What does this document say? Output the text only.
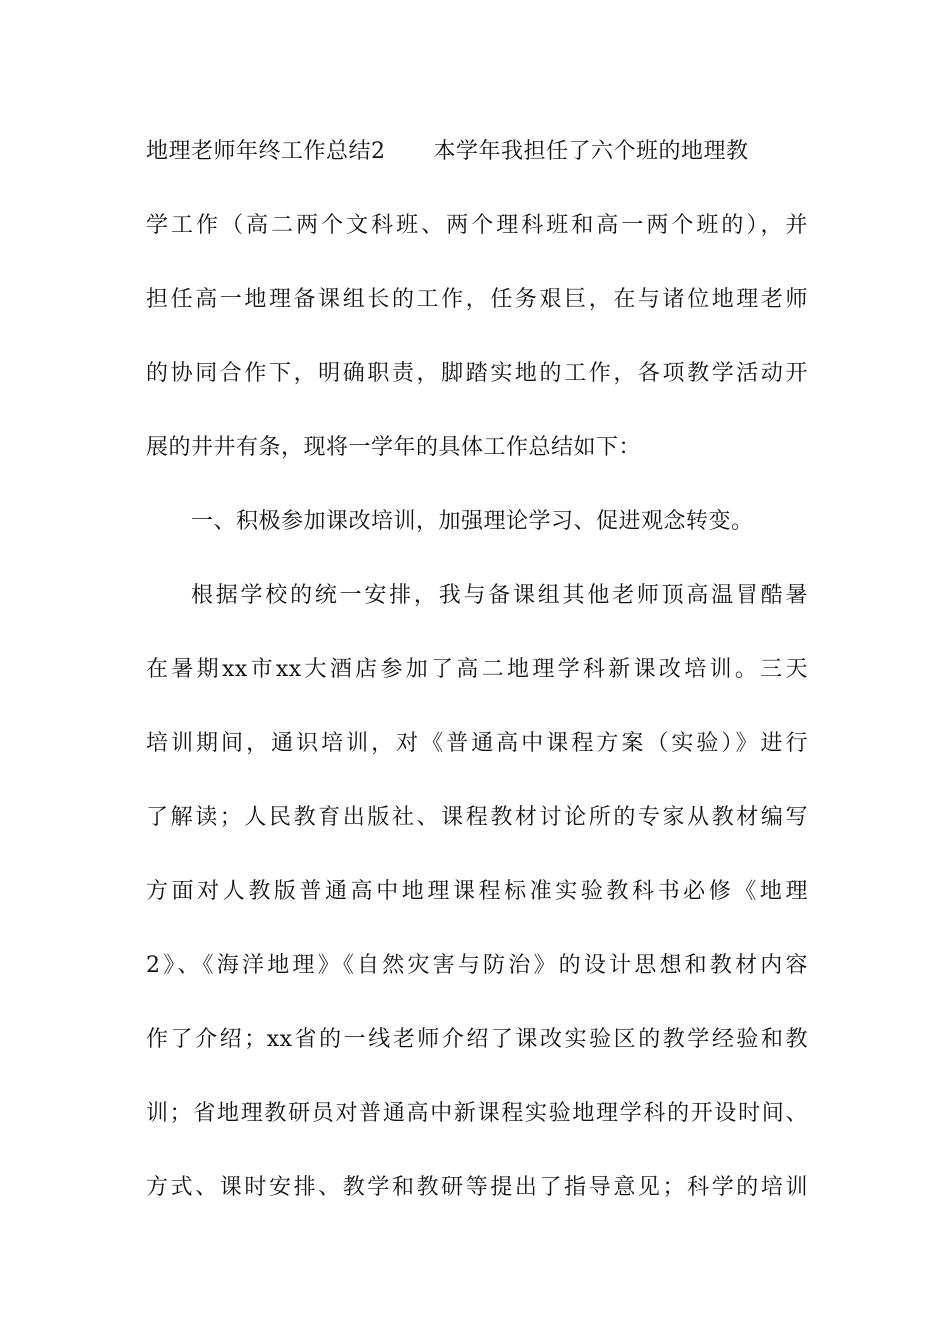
地理老师年终工作总结2 本学年我担任了六个班的地理教
学工作（高二两个文科班、两个理科班和高一两个班的），并
担任高一地理备课组长的工作，任务艰巨，在与诸位地理老师
的协同合作下，明确职责，脚踏实地的工作，各项教学活动开
展的井井有条，现将一学年的具体工作总结如下：
一、积极参加课改培训，加强理论学习、促进观念转变。
根据学校的统一安排，我与备课组其他老师顶高温冒酷暑
在暑期xx市xx大酒店参加了高二地理学科新课改培训。三天
培训期间，通识培训，对《普通高中课程方案（实验）》进行
了解读；人民教育出版社、课程教材讨论所的专家从教材编写
方面对人教版普通高中地理课程标准实验教科书必修《地理
2》、《海洋地理》《自然灾害与防治》的设计思想和教材内容
作了介绍；xx省的一线老师介绍了课改实验区的教学经验和教
训；省地理教研员对普通高中新课程实验地理学科的开设时间、
方式、课时安排、教学和教研等提出了指导意见；科学的培训
